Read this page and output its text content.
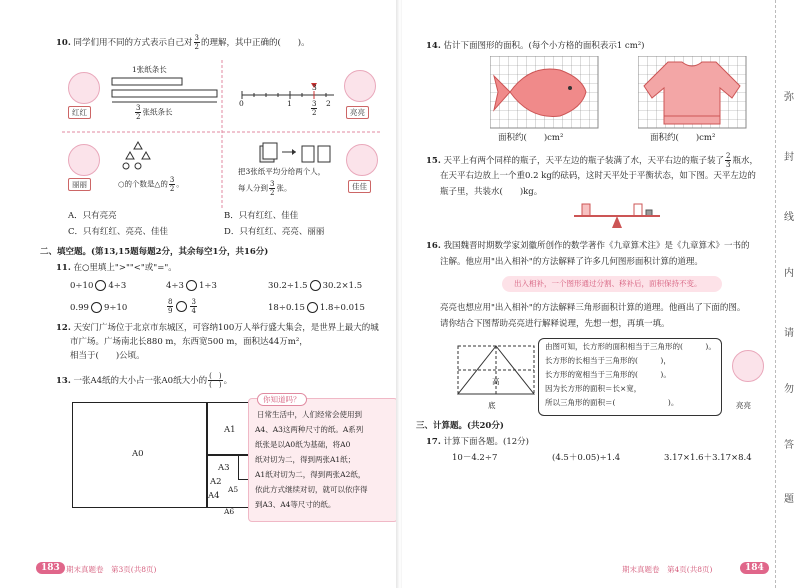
10. 同学们用不同的方式表示自己对 $\frac{3}{2}$ 的理解，其中正确的(　　)。
红红
1张纸条长
$\frac{3}{2}$ 张纸条长
0	1
3
2
$\frac{3}{2}$	亮亮
丽丽	○的个数是△的 $\frac{3}{2}$ 。
把3张纸平均分给两个人，
每人分到 $\frac{3}{2}$ 张。	佳佳
A．只有亮亮	B．只有红红、佳佳
C．只有红红、亮亮、佳佳	D．只有红红、亮亮、丽丽
二、填空题。(第13,15题每题2分，其余每空1分，共16分)
11. 在○里填上">""<"或"="。
0÷10 4÷3	4÷3 1÷3	30.2÷1.5 30.2×1.5
0.99 9÷10	$\frac{8}{9} \frac{3}{4}$	18÷0.15 1.8÷0.015
12. 天安门广场位于北京市东城区，可容纳100万人举行盛大集会，是世界上最大的城
市广场。广场南北长880 m，东西宽500 m，面积达44万m²，
相当于(　　)公顷。
13. 一张A4纸的大小占一张A0纸大小的 $\frac{( )}{( )}$ 。
A0
A1
A2
A3
A4
A5
A6
你知道吗？
日常生活中，人们经常会使用到
A4、A3这两种尺寸的纸。A系列
纸张是以A0纸为基础，将A0
纸对切为二，得到两张A1纸；
A1纸对切为二，得到两张A2纸，
依此方式继续对切，就可以依序得
到A3、A4等尺寸的纸。
183 期末真题卷　第3页(共8页)
14. 估计下面图形的面积。(每个小方格的面积表示1 cm²)
面积约(　　)cm²	面积约(　　)cm²
15. 天平上有两个同样的瓶子，天平左边的瓶子装满了水，天平右边的瓶子装了 $\frac{2}{3}$ 瓶水，
在天平右边放上一个重0.2 kg的砝码，这时天平处于平衡状态，如下图。天平左边的
瓶子里，共装水(　　)kg。
16. 我国魏晋时期数学家刘徽所创作的数学著作《九章算术注》是《九章算术》一书的
注解。他应用"出入相补"的方法解释了许多几何图形面积计算的道理。
出入相补，一个图形通过分割、移补后，面积保持不变。
亮亮也想应用"出入相补"的方法解释三角形面积计算的道理。他画出了下面的图。
请你结合下图帮助亮亮进行解释说理，先想一想，再填一填。
高
底
由图可知，长方形的面积相当于三角形的(　　　)。
长方形的长相当于三角形的(　　　)，
长方形的宽相当于三角形的(　　　)。
因为长方形的面积＝长×宽，
所以三角形的面积＝(　　　　　　　)。	亮亮
三、计算题。(共20分)
17. 计算下面各题。(12分)
10－4.2÷7	(4.5＋0.05)÷1.4	3.17×1.6＋3.17×8.4
期末真题卷　第4页(共8页)	184
弥
封
线
内
请
勿
答
题
